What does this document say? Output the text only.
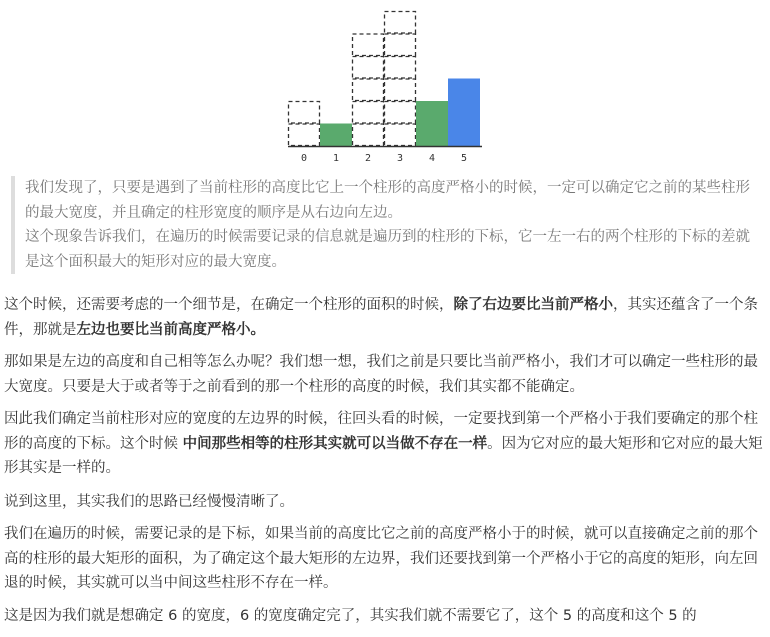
0	1	2	3	4	5

我们发现了，只要是遇到了当前柱形的高度比它上一个柱形的高度严格小的时候，一定可以确定它之前的某些柱形的最大宽度，并且确定的柱形宽度的顺序是从右边向左边。

这个现象告诉我们，在遍历的时候需要记录的信息就是遍历到的柱形的下标，它一左一右的两个柱形的下标的差就是这个面积最大的矩形对应的最大宽度。

这个时候，还需要考虑的一个细节是，在确定一个柱形的面积的时候，除了右边要比当前严格小，其实还蕴含了一个条件，那就是左边也要比当前高度严格小。

那如果是左边的高度和自己相等怎么办呢？我们想一想，我们之前是只要比当前严格小，我们才可以确定一些柱形的最大宽度。只要是大于或者等于之前看到的那一个柱形的高度的时候，我们其实都不能确定。

因此我们确定当前柱形对应的宽度的左边界的时候，往回头看的时候，一定要找到第一个严格小于我们要确定的那个柱形的高度的下标。这个时候 中间那些相等的柱形其实就可以当做不存在一样。因为它对应的最大矩形和它对应的最大矩形其实是一样的。

说到这里，其实我们的思路已经慢慢清晰了。

我们在遍历的时候，需要记录的是下标，如果当前的高度比它之前的高度严格小于的时候，就可以直接确定之前的那个高的柱形的最大矩形的面积，为了确定这个最大矩形的左边界，我们还要找到第一个严格小于它的高度的矩形，向左回退的时候，其实就可以当中间这些柱形不存在一样。

这是因为我们就是想确定 6 的宽度，6 的宽度确定完了，其实我们就不需要它了，这个 5 的高度和这个 5 的
